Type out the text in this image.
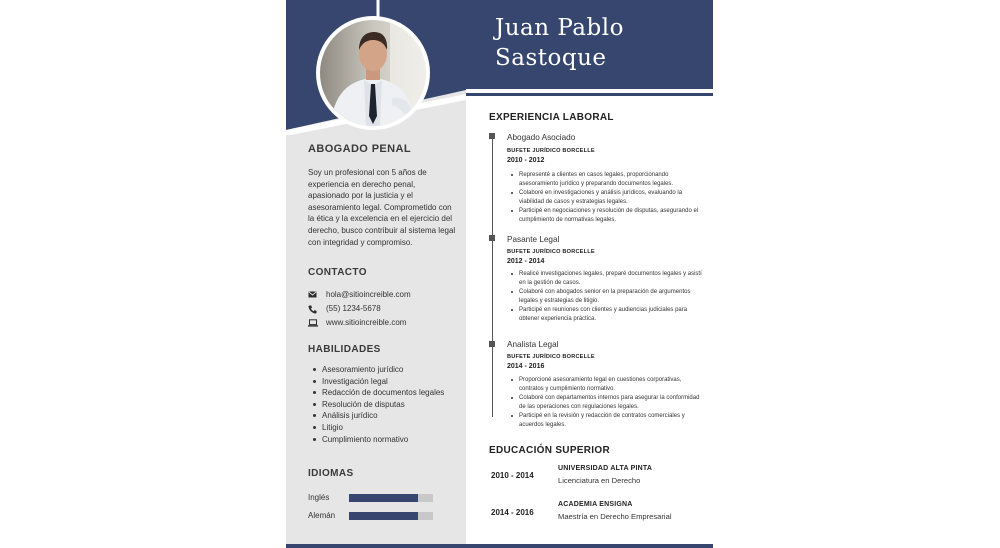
ABOGADO PENAL
Soy un profesional con 5 años de experiencia en derecho penal, apasionado por la justicia y el asesoramiento legal. Comprometido con la ética y la excelencia en el ejercicio del derecho, busco contribuir al sistema legal con integridad y compromiso.
CONTACTO
hola@sitioincreible.com
(55) 1234-5678
www.sitioincreible.com
HABILIDADES
Asesoramiento jurídico
Investigación legal
Redacción de documentos legales
Resolución de disputas
Análisis jurídico
Litigio
Cumplimiento normativo
IDIOMAS
Inglés
Alemán
Juan Pablo
Sastoque
EXPERIENCIA LABORAL
Abogado Asociado
BUFETE JURÍDICO BORCELLE
2010 - 2012
Representé a clientes en casos legales, proporcionando asesoramiento jurídico y preparando documentos legales.
Colaboré en investigaciones y análisis jurídicos, evaluando la viabilidad de casos y estrategias legales.
Participé en negociaciones y resolución de disputas, asegurando el cumplimiento de normativas legales.
Pasante Legal
BUFETE JURÍDICO BORCELLE
2012 - 2014
Realicé investigaciones legales, preparé documentos legales y asistí en la gestión de casos.
Colaboré con abogados senior en la preparación de argumentos legales y estrategias de litigio.
Participé en reuniones con clientes y audiencias judiciales para obtener experiencia práctica.
Analista Legal
BUFETE JURÍDICO BORCELLE
2014 - 2016
Proporcioné asesoramiento legal en cuestiones corporativas, contratos y cumplimiento normativo.
Colaboré con departamentos internos para asegurar la conformidad de las operaciones con regulaciones legales.
Participé en la revisión y redacción de contratos comerciales y acuerdos legales.
EDUCACIÓN SUPERIOR
2010 - 2014
UNIVERSIDAD ALTA PINTA
Licenciatura en Derecho
2014 - 2016
ACADEMIA ENSIGNA
Maestría en Derecho Empresarial
